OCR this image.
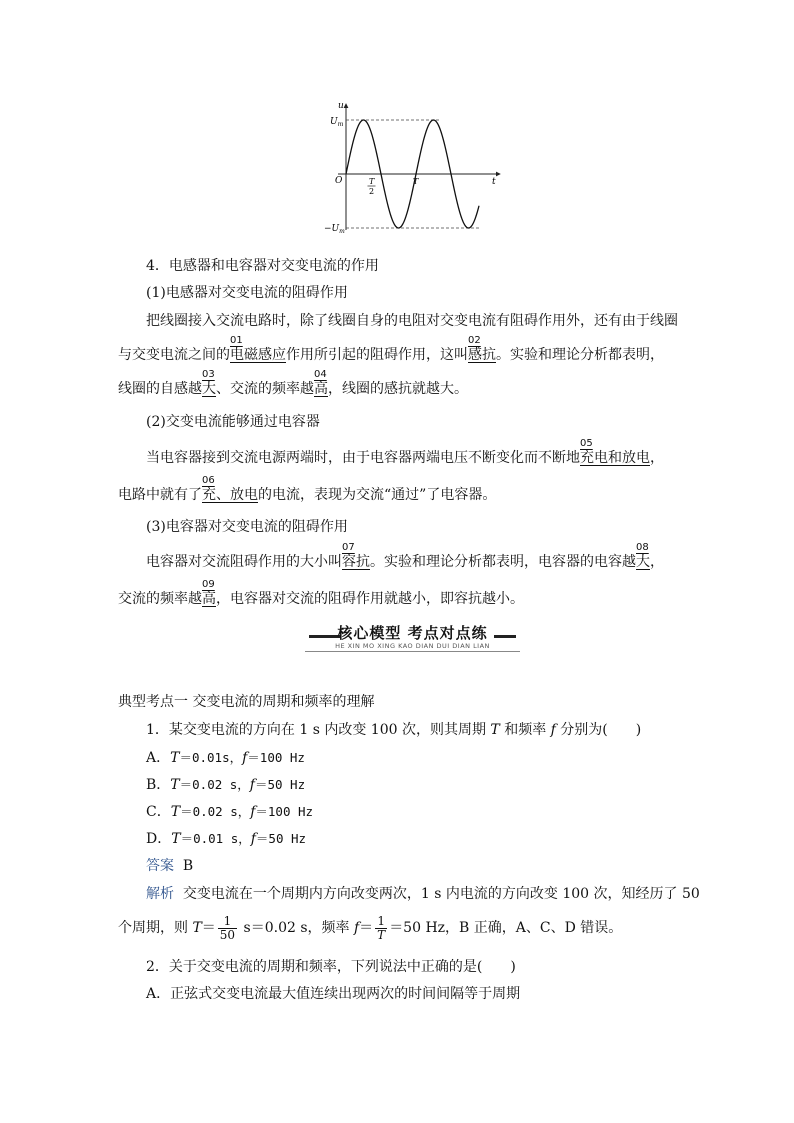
u
t
O
$U_m$
$-U_m$
T
2
T
4．电感器和电容器对交变电流的作用
(1)电感器对交变电流的阻碍作用
把线圈接入交流电路时，除了线圈自身的电阻对交变电流有阻碍作用外，还有由于线圈
与交变电流之间的
01
电磁感应作用所引起的阻碍作用，这叫
02
感抗。实验和理论分析都表明，
线圈的自感越
03
大、交流的频率越
04
高，线圈的感抗就越大。
(2)交变电流能够通过电容器
当电容器接到交流电源两端时，由于电容器两端电压不断变化而不断地
05
充电和放电，
电路中就有了
06
充、放电的电流，表现为交流“通过”了电容器。
(3)电容器对交变电流的阻碍作用
电容器对交流阻碍作用的大小叫
07
容抗。实验和理论分析都表明，电容器的电容越
08
大，
交流的频率越
09
高，电容器对交流的阻碍作用就越小，即容抗越小。
核心模型 考点对点练
HE XIN MO XING KAO DIAN DUI DIAN LIAN
典型考点一 交变电流的周期和频率的理解
1．某交变电流的方向在 1 s 内改变 100 次，则其周期 T 和频率 f 分别为(　　)
A．T＝0.01s，f＝100 Hz
B．T＝0.02 s，f＝50 Hz
C．T＝0.02 s，f＝100 Hz
D．T＝0.01 s，f＝50 Hz
答案 B
解析 交变电流在一个周期内方向改变两次，1 s 内电流的方向改变 100 次，知经历了 50
个周期，则 $T= \frac{1}{50} s=0.02$ s，频率 $f= \frac{1}{T} =50$ Hz，B 正确，A、C、D 错误。
2．关于交变电流的周期和频率，下列说法中正确的是(　　)
A．正弦式交变电流最大值连续出现两次的时间间隔等于周期
